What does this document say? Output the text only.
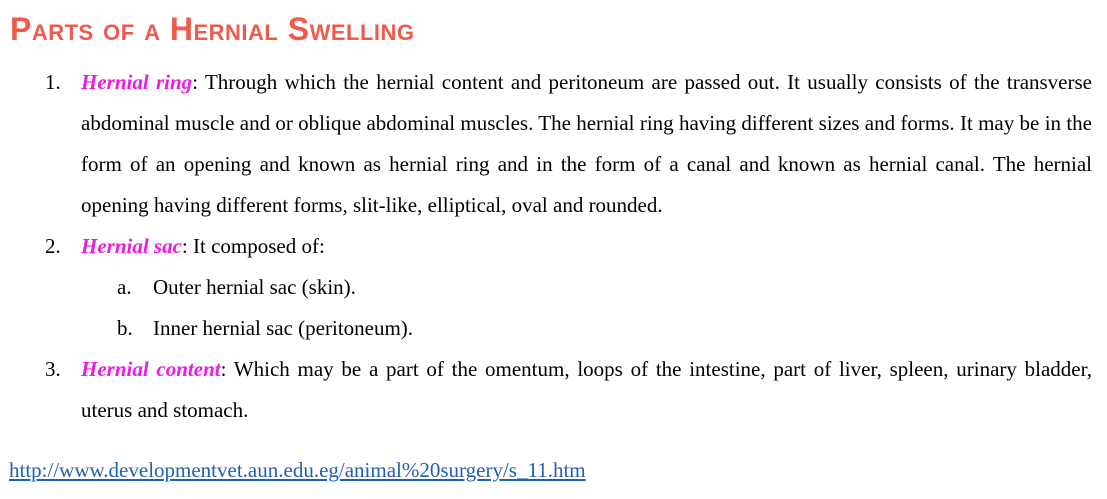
Parts of a Hernial Swelling
1. Hernial ring: Through which the hernial content and peritoneum are passed out. It usually consists of the transverse abdominal muscle and or oblique abdominal muscles. The hernial ring having different sizes and forms. It may be in the form of an opening and known as hernial ring and in the form of a canal and known as hernial canal. The hernial opening having different forms, slit-like, elliptical, oval and rounded.
2. Hernial sac: It composed of:
a. Outer hernial sac (skin).
b. Inner hernial sac (peritoneum).
3. Hernial content: Which may be a part of the omentum, loops of the intestine, part of liver, spleen, urinary bladder, uterus and stomach.
http://www.developmentvet.aun.edu.eg/animal%20surgery/s_11.htm
